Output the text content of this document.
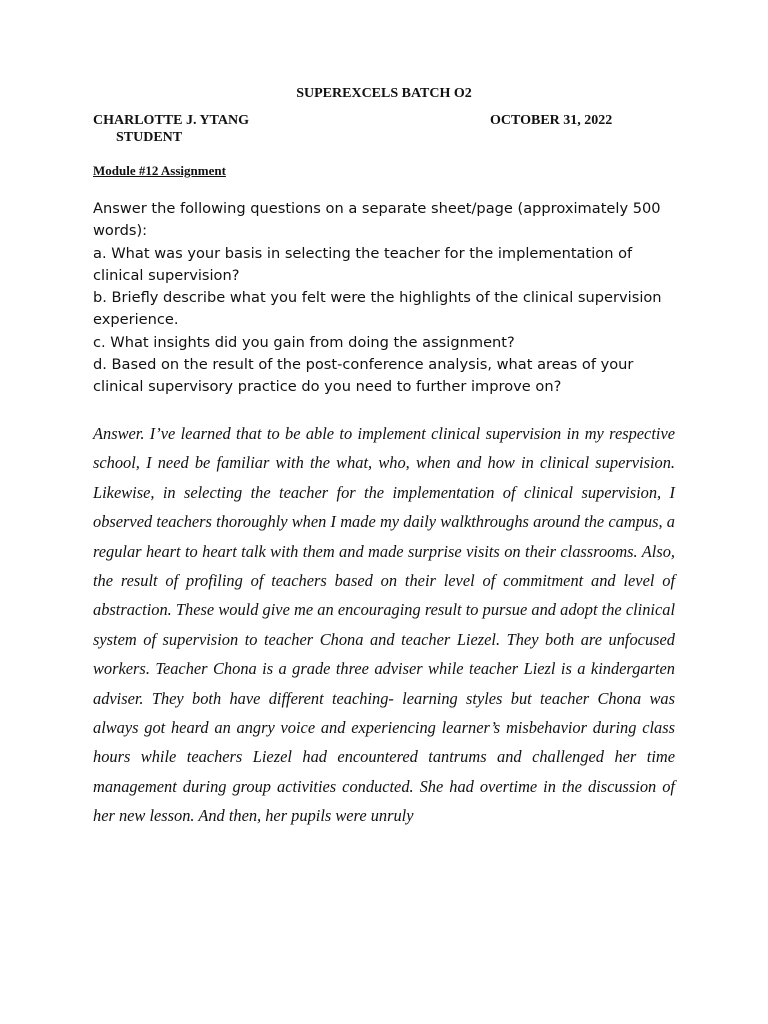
SUPEREXCELS BATCH O2
CHARLOTTE J. YTANG
STUDENT
OCTOBER 31, 2022
Module #12 Assignment

Answer the following questions on a separate sheet/page (approximately 500 words):

a. What was your basis in selecting the teacher for the implementation of clinical supervision?

b. Briefly describe what you felt were the highlights of the clinical supervision experience.

c. What insights did you gain from doing the assignment?

d. Based on the result of the post-conference analysis, what areas of your clinical supervisory practice do you need to further improve on?

Answer. I’ve learned that to be able to implement clinical supervision in my respective school, I need be familiar with the what, who, when and how in clinical supervision. Likewise, in selecting the teacher for the implementation of clinical supervision, I observed teachers thoroughly when I made my daily walkthroughs around the campus, a regular heart to heart talk with them and made surprise visits on their classrooms. Also, the result of profiling of teachers based on their level of commitment and level of abstraction. These would give me an encouraging result to pursue and adopt the clinical system of supervision to teacher Chona and teacher Liezel. They both are unfocused workers. Teacher Chona is a grade three adviser while teacher Liezl is a kindergarten adviser. They both have different teaching- learning styles but teacher Chona was always got heard an angry voice and experiencing learner’s misbehavior during class hours while teachers Liezel had encountered tantrums and challenged her time management during group activities conducted. She had overtime in the discussion of her new lesson. And then, her pupils were unruly
